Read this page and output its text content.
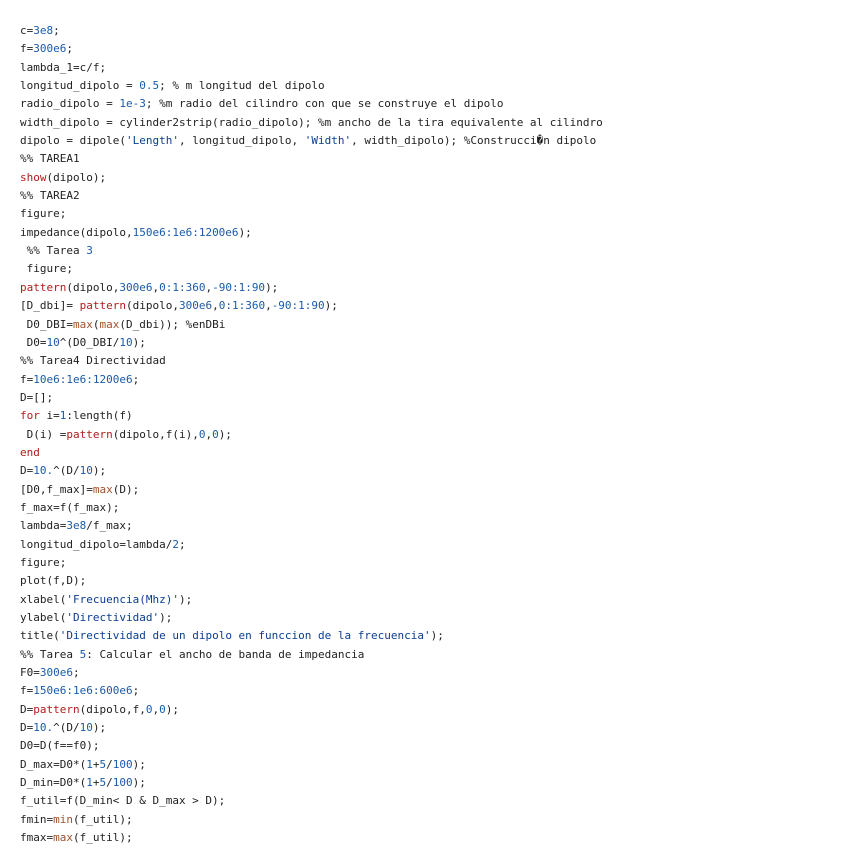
c=3e8;
f=300e6;
lambda_1=c/f;
longitud_dipolo = 0.5; % m longitud del dipolo
radio_dipolo = 1e-3; %m radio del cilindro con que se construye el dipolo
width_dipolo = cylinder2strip(radio_dipolo); %m ancho de la tira equivalente al cilindro
dipolo = dipole('Length', longitud_dipolo, 'Width', width_dipolo); %Construcci�n dipolo
%% TAREA1
show(dipolo);
%% TAREA2
figure;
impedance(dipolo,150e6:1e6:1200e6);
%% Tarea 3
figure;
pattern(dipolo,300e6,0:1:360,-90:1:90);
[D_dbi]= pattern(dipolo,300e6,0:1:360,-90:1:90);
D0_DBI=max(max(D_dbi)); %enDBi
D0=10^(D0_DBI/10);
%% Tarea4 Directividad
f=10e6:1e6:1200e6;
D=[];
for i=1:length(f)
D(i) =pattern(dipolo,f(i),0,0);
end
D=10.^(D/10);
[D0,f_max]=max(D);
f_max=f(f_max);
lambda=3e8/f_max;
longitud_dipolo=lambda/2;
figure;
plot(f,D);
xlabel('Frecuencia(Mhz)');
ylabel('Directividad');
title('Directividad de un dipolo en funccion de la frecuencia');
%% Tarea 5: Calcular el ancho de banda de impedancia
F0=300e6;
f=150e6:1e6:600e6;
D=pattern(dipolo,f,0,0);
D=10.^(D/10);
D0=D(f==f0);
D_max=D0*(1+5/100);
D_min=D0*(1+5/100);
f_util=f(D_min< D & D_max > D);
fmin=min(f_util);
fmax=max(f_util);
